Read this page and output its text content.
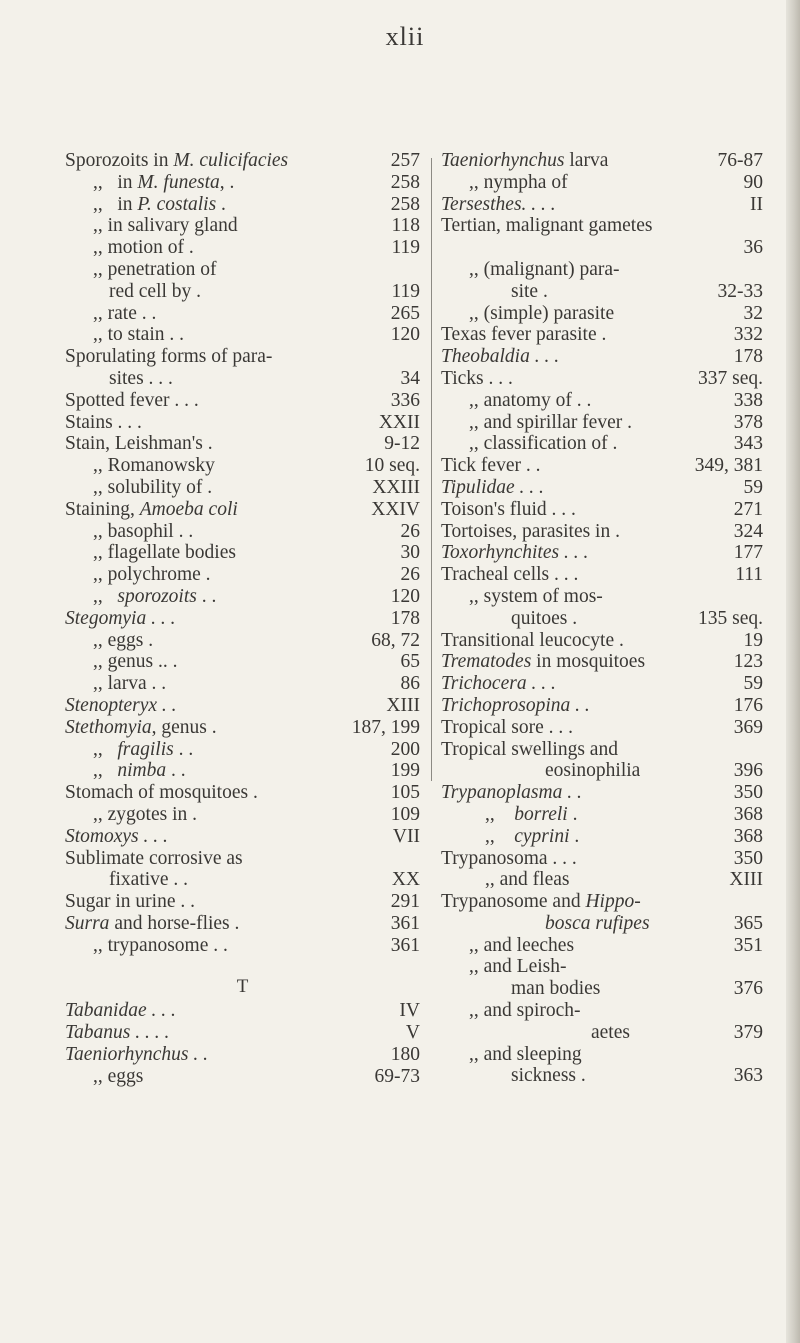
xlii
Sporozoits in M. culicifacies	257
,,   in M. funesta, .	258
,,   in P. costalis .	258
,, in salivary gland	118
,, motion of .	119
,, penetration of
red cell by .	119
,, rate . .	265
,, to stain . .	120
Sporulating forms of para-
sites . . .	34
Spotted fever . . .	336
Stains . . .	XXII
Stain, Leishman's .	9-12
,, Romanowsky	10 seq.
,, solubility of .	XXIII
Staining, Amoeba coli	XXIV
,, basophil . .	26
,, flagellate bodies	30
,, polychrome .	26
,,   sporozoits . .	120
Stegomyia . . .	178
,, eggs .	68, 72
,, genus .. .	65
,, larva . .	86
Stenopteryx . .	XIII
Stethomyia, genus .	187, 199
,,   fragilis . .	200
,,   nimba . .	199
Stomach of mosquitoes .	105
,, zygotes in .	109
Stomoxys . . .	VII
Sublimate corrosive as
fixative . .	XX
Sugar in urine . .	291
Surra and horse-flies .	361
,, trypanosome . .	361
T
Tabanidae . . .	IV
Tabanus . . . .	V
Taeniorhynchus . .	180
,, eggs	69-73
Taeniorhynchus larva	76-87
,, nympha of	90
Tersesthes. . . .	II
Tertian, malignant gametes
36
,, (malignant) para-
site .	32-33
,, (simple) parasite	32
Texas fever parasite .	332
Theobaldia . . .	178
Ticks . . .	337 seq.
,, anatomy of . .	338
,, and spirillar fever .	378
,, classification of .	343
Tick fever . .	349, 381
Tipulidae . . .	59
Toison's fluid . . .	271
Tortoises, parasites in .	324
Toxorhynchites . . .	177
Tracheal cells . . .	111
,, system of mos-
quitoes .	135 seq.
Transitional leucocyte .	19
Trematodes in mosquitoes	123
Trichocera . . .	59
Trichoprosopina . .	176
Tropical sore . . .	369
Tropical swellings and
eosinophilia	396
Trypanoplasma . .	350
,,    borreli .	368
,,    cyprini .	368
Trypanosoma . . .	350
,, and fleas	XIII
Trypanosome and Hippo-
bosca rufipes	365
,, and leeches	351
,, and Leish-
man bodies	376
,, and spiroch-
aetes	379
,, and sleeping
sickness .	363
